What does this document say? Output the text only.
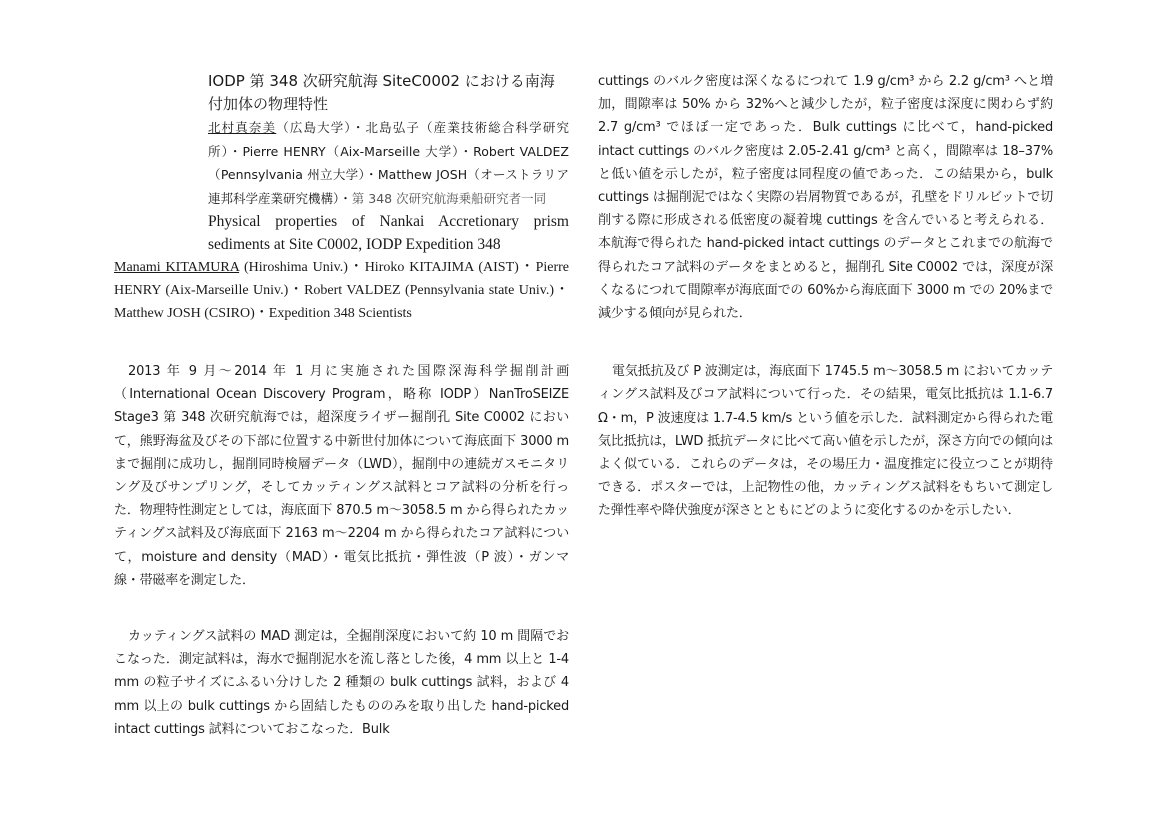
IODP 第 348 次研究航海 SiteC0002 における南海付加体の物理特性

北村真奈美（広島大学）・北島弘子（産業技術総合科学研究所）・Pierre HENRY（Aix-Marseille 大学）・Robert VALDEZ（Pennsylvania 州立大学）・Matthew JOSH（オーストラリア連邦科学産業研究機構）・第 348 次研究航海乗船研究者一同

Physical properties of Nankai Accretionary prism sediments at Site C0002, IODP Expedition 348

Manami KITAMURA (Hiroshima Univ.)・Hiroko KITAJIMA (AIST)・Pierre HENRY (Aix-Marseille Univ.)・Robert VALDEZ (Pennsylvania state Univ.)・Matthew JOSH (CSIRO)・Expedition 348 Scientists

2013 年 9 月～2014 年 1 月に実施された国際深海科学掘削計画（International Ocean Discovery Program，略称 IODP）NanTroSEIZE Stage3 第 348 次研究航海では，超深度ライザー掘削孔 Site C0002 において，熊野海盆及びその下部に位置する中新世付加体について海底面下 3000 m まで掘削に成功し，掘削同時検層データ（LWD），掘削中の連続ガスモニタリング及びサンプリング，そしてカッティングス試料とコア試料の分析を行った．物理特性測定としては，海底面下 870.5 m～3058.5 m から得られたカッティングス試料及び海底面下 2163 m～2204 m から得られたコア試料について，moisture and density（MAD）・電気比抵抗・弾性波（P 波）・ガンマ線・帯磁率を測定した．

カッティングス試料の MAD 測定は，全掘削深度において約 10 m 間隔でおこなった．測定試料は，海水で掘削泥水を流し落とした後，4 mm 以上と 1-4 mm の粒子サイズにふるい分けした 2 種類の bulk cuttings 試料，および 4 mm 以上の bulk cuttings から固結したもののみを取り出した hand-picked intact cuttings 試料についておこなった．Bulk

cuttings のバルク密度は深くなるにつれて 1.9 g/cm³ から 2.2 g/cm³ へと増加，間隙率は 50% から 32%へと減少したが，粒子密度は深度に関わらず約 2.7 g/cm³ でほぼ一定であった．Bulk cuttings に比べて，hand-picked intact cuttings のバルク密度は 2.05-2.41 g/cm³ と高く，間隙率は 18–37%と低い値を示したが，粒子密度は同程度の値であった．この結果から，bulk cuttings は掘削泥ではなく実際の岩屑物質であるが，孔壁をドリルビットで切削する際に形成される低密度の凝着塊 cuttings を含んでいると考えられる．本航海で得られた hand-picked intact cuttings のデータとこれまでの航海で得られたコア試料のデータをまとめると，掘削孔 Site C0002 では，深度が深くなるにつれて間隙率が海底面での 60%から海底面下 3000 m での 20%まで減少する傾向が見られた．

電気抵抗及び P 波測定は，海底面下 1745.5 m～3058.5 m においてカッティングス試料及びコア試料について行った．その結果，電気比抵抗は 1.1-6.7 Ω・m，P 波速度は 1.7-4.5 km/s という値を示した．試料測定から得られた電気比抵抗は，LWD 抵抗データに比べて高い値を示したが，深さ方向での傾向はよく似ている．これらのデータは，その場圧力・温度推定に役立つことが期待できる．ポスターでは，上記物性の他，カッティングス試料をもちいて測定した弾性率や降伏強度が深さとともにどのように変化するのかを示したい．
